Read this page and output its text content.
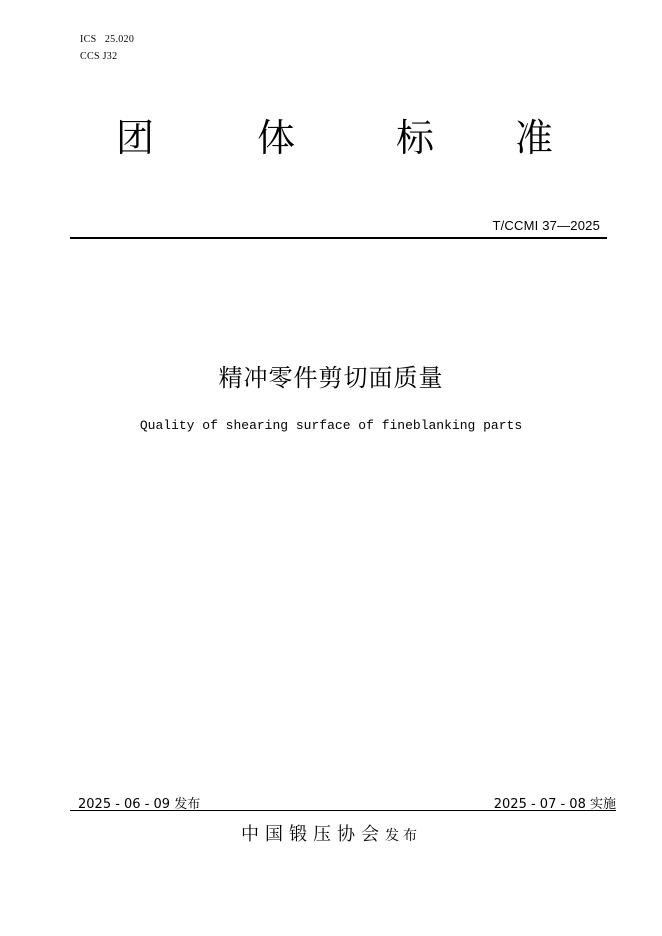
ICS   25.020
CCS J32
团	体	标 准
T/CCMI 37—2025
精冲零件剪切面质量
Quality of shearing surface of fineblanking parts
2025 - 06 - 09 发布	2025 - 07 - 08 实施
中国锻压协会发布
